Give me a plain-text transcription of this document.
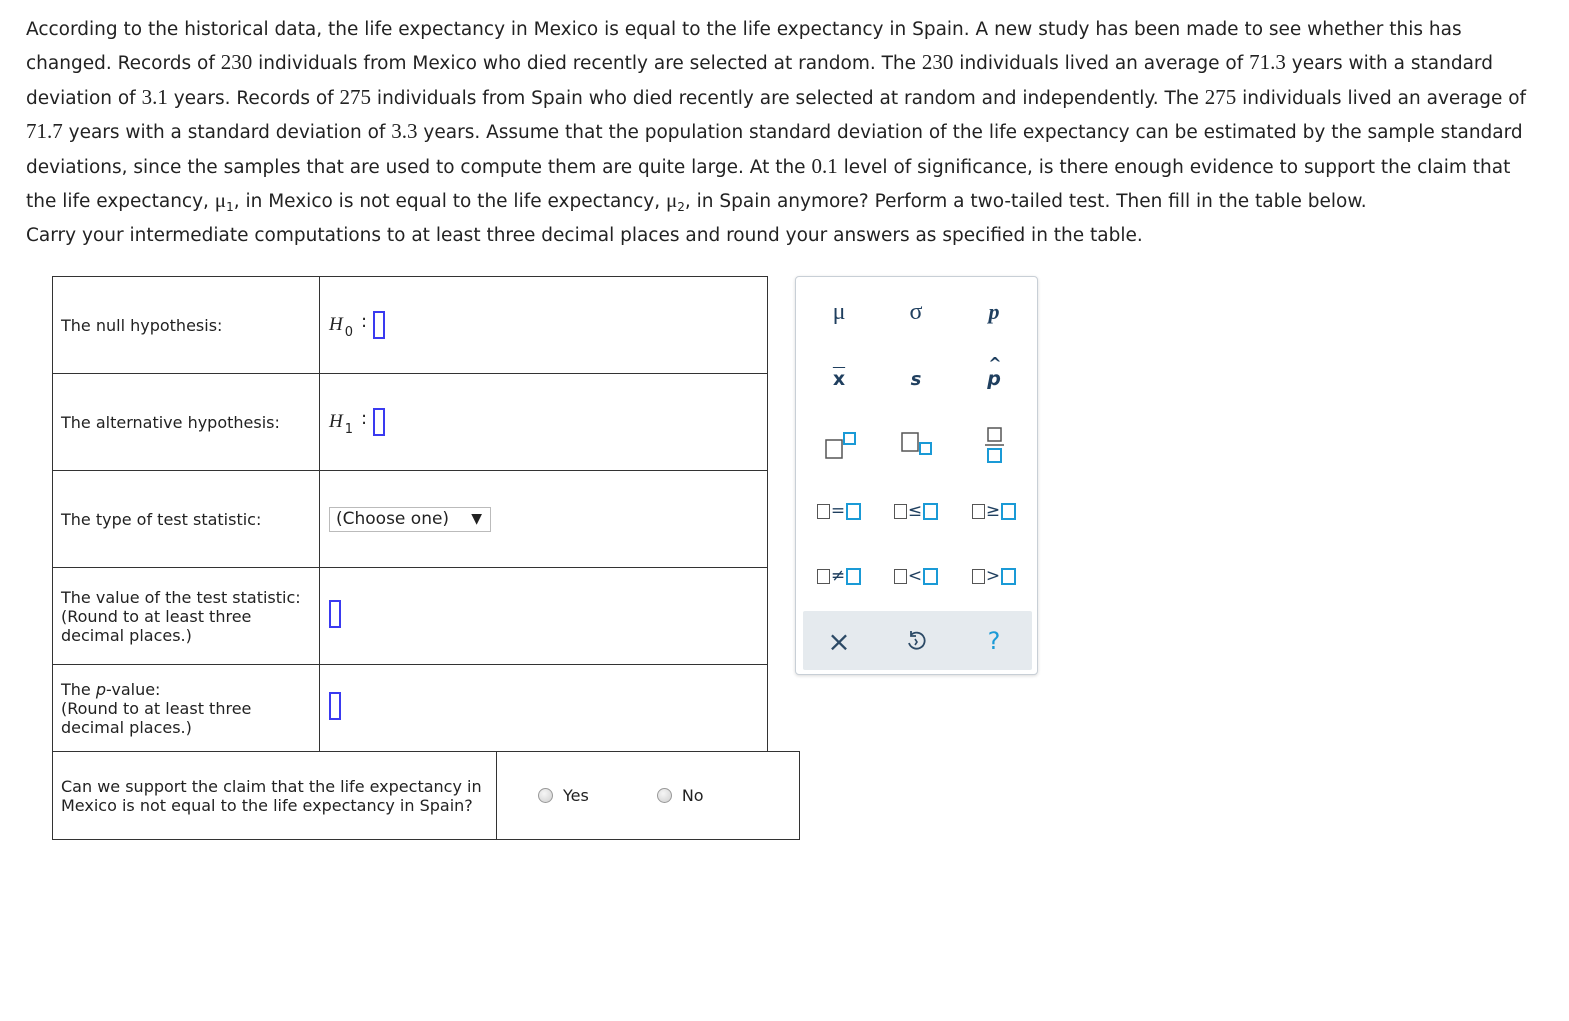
According to the historical data, the life expectancy in Mexico is equal to the life expectancy in Spain. A new study has been made to see whether this has changed. Records of 230 individuals from Mexico who died recently are selected at random. The 230 individuals lived an average of 71.3 years with a standard deviation of 3.1 years. Records of 275 individuals from Spain who died recently are selected at random and independently. The 275 individuals lived an average of 71.7 years with a standard deviation of 3.3 years. Assume that the population standard deviation of the life expectancy can be estimated by the sample standard deviations, since the samples that are used to compute them are quite large. At the 0.1 level of significance, is there enough evidence to support the claim that the life expectancy, $\mu_1$, in Mexico is not equal to the life expectancy, $\mu_2$, in Spain anymore? Perform a two-tailed test. Then fill in the table below.
Carry your intermediate computations to at least three decimal places and round your answers as specified in the table.
The null hypothesis:	H 0
:

The alternative hypothesis:	H 1
:

The type of test statistic:	(Choose one) ▼

The value of the test statistic:
(Round to at least three
decimal places.)	

The p-value:
(Round to at least three
decimal places.)	

Can we support the claim that the life expectancy in
Mexico is not equal to the life expectancy in Spain?	Yes	No
μ	σ	p
$\overline{x}$	s
^
p
=	≤	≥
≠	<	>
×	?
